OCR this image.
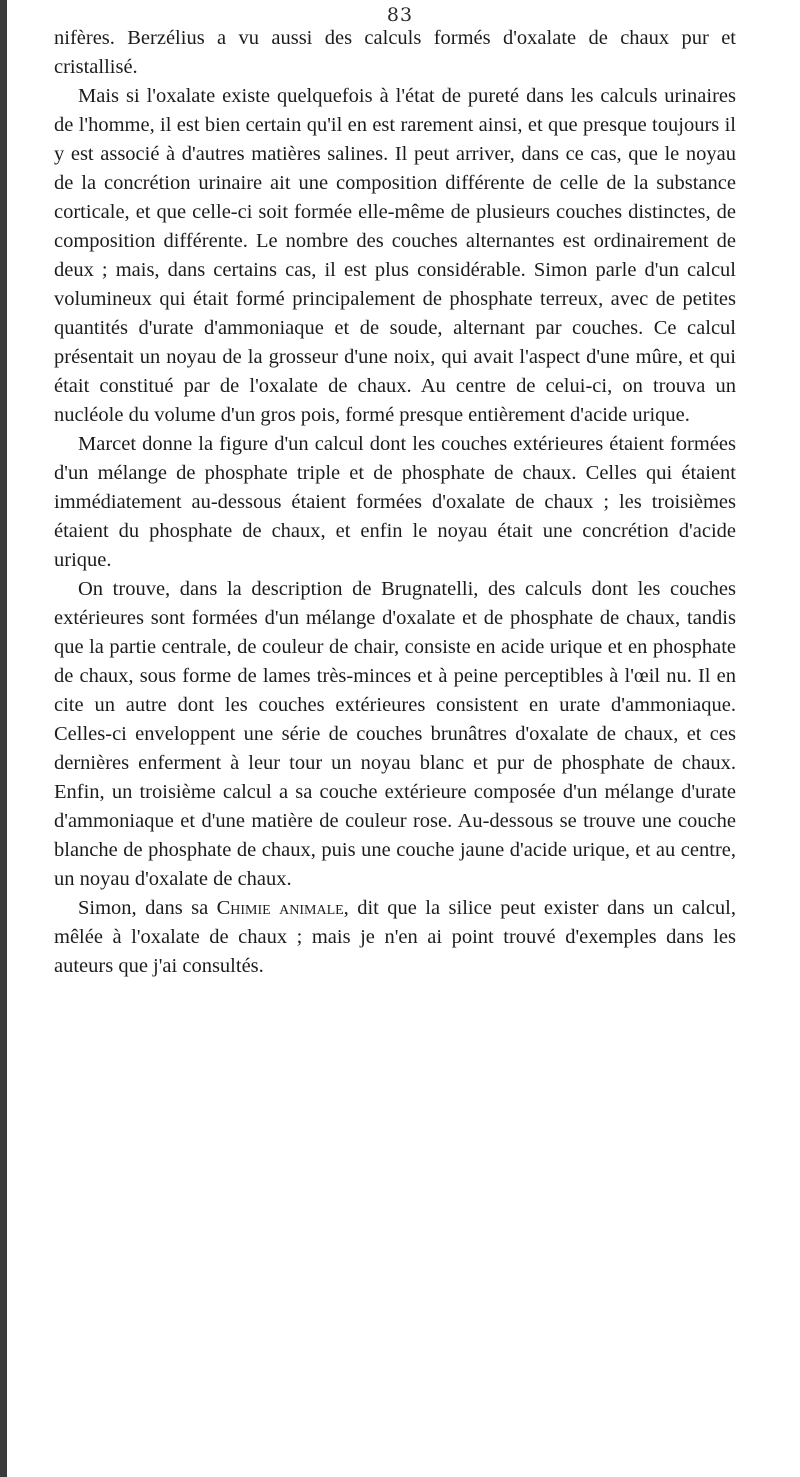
83

nifères. Berzélius a vu aussi des calculs formés d'oxalate de chaux pur et cristallisé.

Mais si l'oxalate existe quelquefois à l'état de pureté dans les calculs urinaires de l'homme, il est bien certain qu'il en est rarement ainsi, et que presque toujours il y est associé à d'autres matières salines. Il peut arriver, dans ce cas, que le noyau de la concrétion urinaire ait une composition différente de celle de la substance corticale, et que celle-ci soit formée elle-même de plusieurs couches distinctes, de composition différente. Le nombre des couches alternantes est ordinairement de deux ; mais, dans certains cas, il est plus considérable. Simon parle d'un calcul volumineux qui était formé principalement de phosphate terreux, avec de petites quantités d'urate d'ammoniaque et de soude, alternant par couches. Ce calcul présentait un noyau de la grosseur d'une noix, qui avait l'aspect d'une mûre, et qui était constitué par de l'oxalate de chaux. Au centre de celui-ci, on trouva un nucléole du volume d'un gros pois, formé presque entièrement d'acide urique.

Marcet donne la figure d'un calcul dont les couches extérieures étaient formées d'un mélange de phosphate triple et de phosphate de chaux. Celles qui étaient immédiatement au-dessous étaient formées d'oxalate de chaux ; les troisièmes étaient du phosphate de chaux, et enfin le noyau était une concrétion d'acide urique.

On trouve, dans la description de Brugnatelli, des calculs dont les couches extérieures sont formées d'un mélange d'oxalate et de phosphate de chaux, tandis que la partie centrale, de couleur de chair, consiste en acide urique et en phosphate de chaux, sous forme de lames très-minces et à peine perceptibles à l'œil nu. Il en cite un autre dont les couches extérieures consistent en urate d'ammoniaque. Celles-ci enveloppent une série de couches brunâtres d'oxalate de chaux, et ces dernières enferment à leur tour un noyau blanc et pur de phosphate de chaux. Enfin, un troisième calcul a sa couche extérieure composée d'un mélange d'urate d'ammoniaque et d'une matière de couleur rose. Au-dessous se trouve une couche blanche de phosphate de chaux, puis une couche jaune d'acide urique, et au centre, un noyau d'oxalate de chaux.

Simon, dans sa Chimie animale, dit que la silice peut exister dans un calcul, mêlée à l'oxalate de chaux ; mais je n'en ai point trouvé d'exemples dans les auteurs que j'ai consultés.
